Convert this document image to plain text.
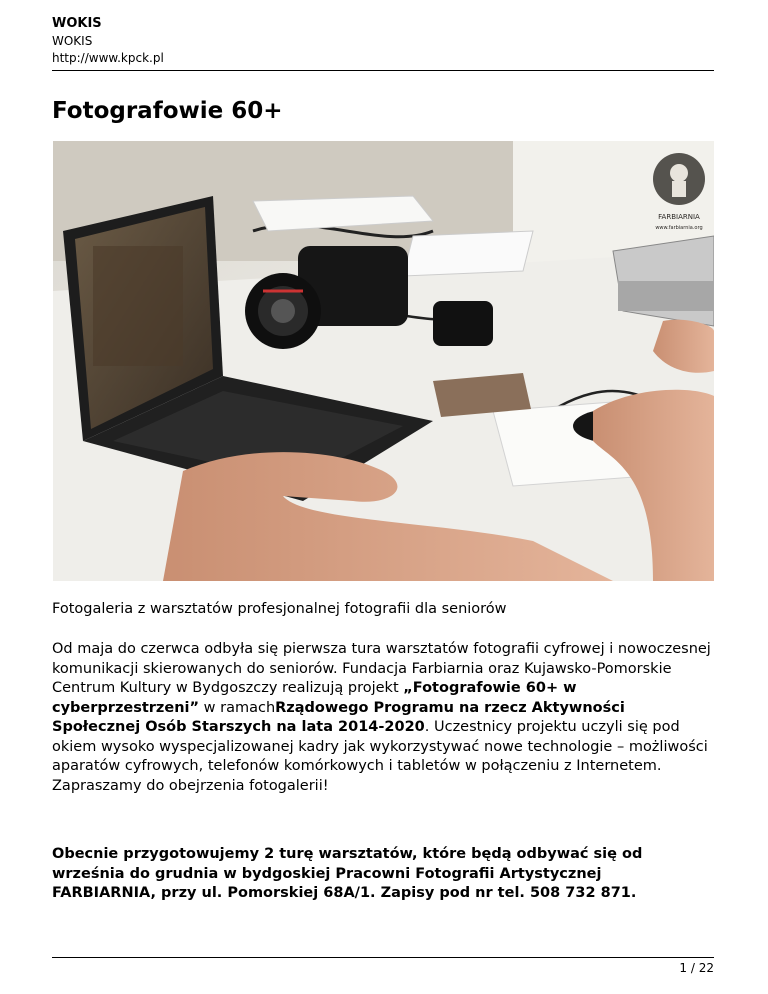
WOKIS
WOKIS
http://www.kpck.pl
Fotografowie 60+
FARBIARNIA
www.farbiarnia.org
Fotogaleria z warsztatów profesjonalnej fotografii dla seniorów

Od maja do czerwca odbyła się pierwsza tura warsztatów fotografii cyfrowej i nowoczesnej komunikacji skierowanych do seniorów. Fundacja Farbiarnia oraz Kujawsko-Pomorskie Centrum Kultury w Bydgoszczy realizują projekt „Fotografowie 60+ w cyberprzestrzeni” w ramachRządowego Programu na rzecz Aktywności Społecznej Osób Starszych na lata 2014-2020. Uczestnicy projektu uczyli się pod okiem wysoko wyspecjalizowanej kadry jak wykorzystywać nowe technologie – możliwości aparatów cyfrowych, telefonów komórkowych i tabletów w połączeniu z Internetem. Zapraszamy do obejrzenia fotogalerii!

Obecnie przygotowujemy 2 turę warsztatów, które będą odbywać się od września do grudnia w bydgoskiej Pracowni Fotografii Artystycznej FARBIARNIA, przy ul. Pomorskiej 68A/1. Zapisy pod nr tel. 508 732 871.

1 / 22
